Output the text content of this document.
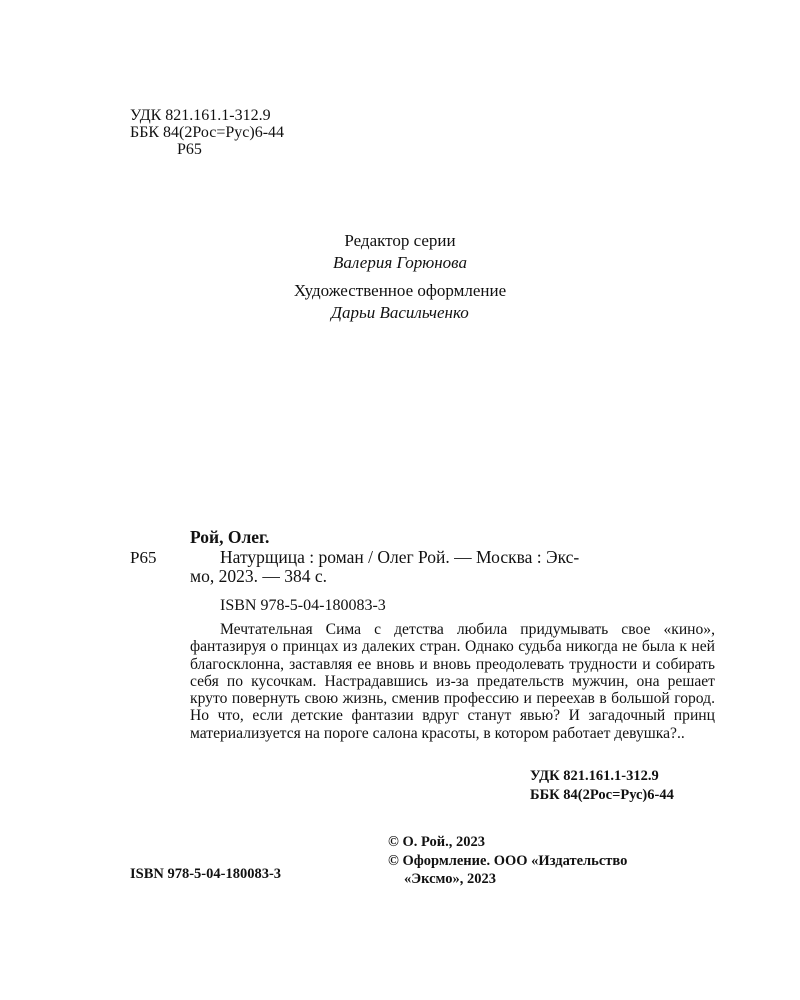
УДК 821.161.1-312.9
ББК 84(2Рос=Рус)6-44
Р65
Редактор серии
Валерия Горюнова
Художественное оформление
Дарьи Васильченко
Рой, Олег.
Р65	Натурщица : роман / Олег Рой. — Москва : Экс-
мо, 2023. — 384 с.
ISBN 978-5-04-180083-3
Мечтательная Сима с детства любила придумывать свое «кино», фантазируя о принцах из далеких стран. Однако судьба никогда не была к ней благосклонна, заставляя ее вновь и вновь преодолевать трудности и собирать себя по кусочкам. Настрадавшись из-за предательств мужчин, она решает круто повернуть свою жизнь, сменив профессию и переехав в большой город. Но что, если детские фантазии вдруг станут явью? И загадочный принц материализуется на пороге салона красоты, в котором работает девушка?..
УДК 821.161.1-312.9
ББК 84(2Рос=Рус)6-44
© О. Рой., 2023
© Оформление. ООО «Издательство
«Эксмо», 2023
ISBN 978-5-04-180083-3
